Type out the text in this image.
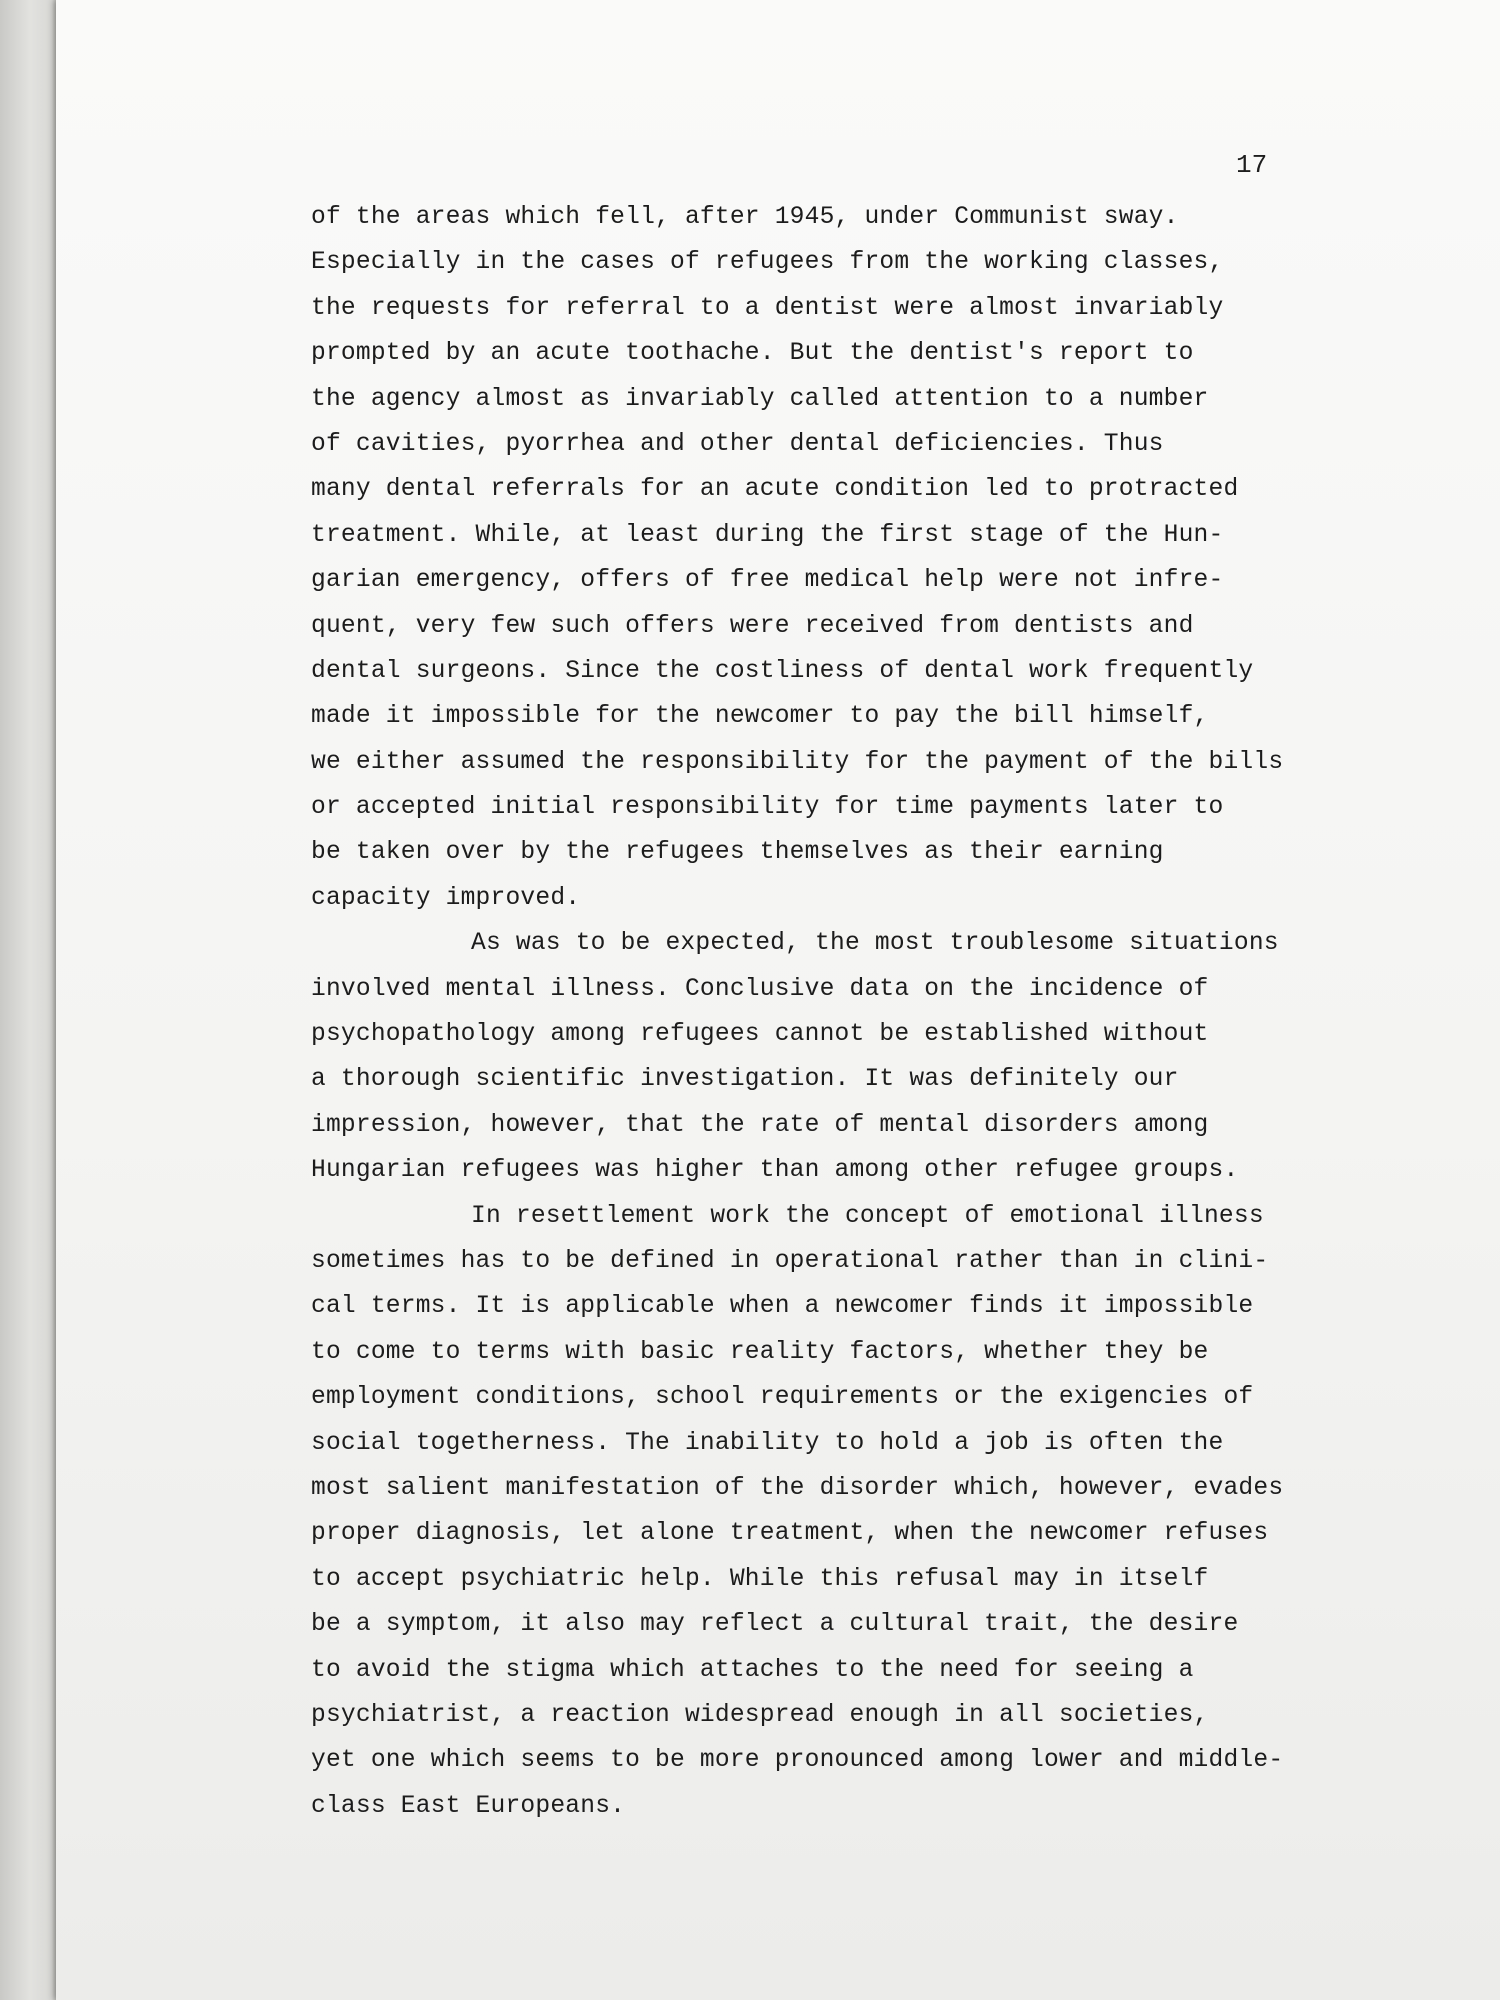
17
of the areas which fell, after 1945, under Communist sway.
Especially in the cases of refugees from the working classes,
the requests for referral to a dentist were almost invariably
prompted by an acute toothache. But the dentist's report to
the agency almost as invariably called attention to a number
of cavities, pyorrhea and other dental deficiencies. Thus
many dental referrals for an acute condition led to protracted
treatment. While, at least during the first stage of the Hun-
garian emergency, offers of free medical help were not infre-
quent, very few such offers were received from dentists and
dental surgeons. Since the costliness of dental work frequently
made it impossible for the newcomer to pay the bill himself,
we either assumed the responsibility for the payment of the bills
or accepted initial responsibility for time payments later to
be taken over by the refugees themselves as their earning
capacity improved.
As was to be expected, the most troublesome situations
involved mental illness. Conclusive data on the incidence of
psychopathology among refugees cannot be established without
a thorough scientific investigation. It was definitely our
impression, however, that the rate of mental disorders among
Hungarian refugees was higher than among other refugee groups.
In resettlement work the concept of emotional illness
sometimes has to be defined in operational rather than in clini-
cal terms. It is applicable when a newcomer finds it impossible
to come to terms with basic reality factors, whether they be
employment conditions, school requirements or the exigencies of
social togetherness. The inability to hold a job is often the
most salient manifestation of the disorder which, however, evades
proper diagnosis, let alone treatment, when the newcomer refuses
to accept psychiatric help. While this refusal may in itself
be a symptom, it also may reflect a cultural trait, the desire
to avoid the stigma which attaches to the need for seeing a
psychiatrist, a reaction widespread enough in all societies,
yet one which seems to be more pronounced among lower and middle-
class East Europeans.
